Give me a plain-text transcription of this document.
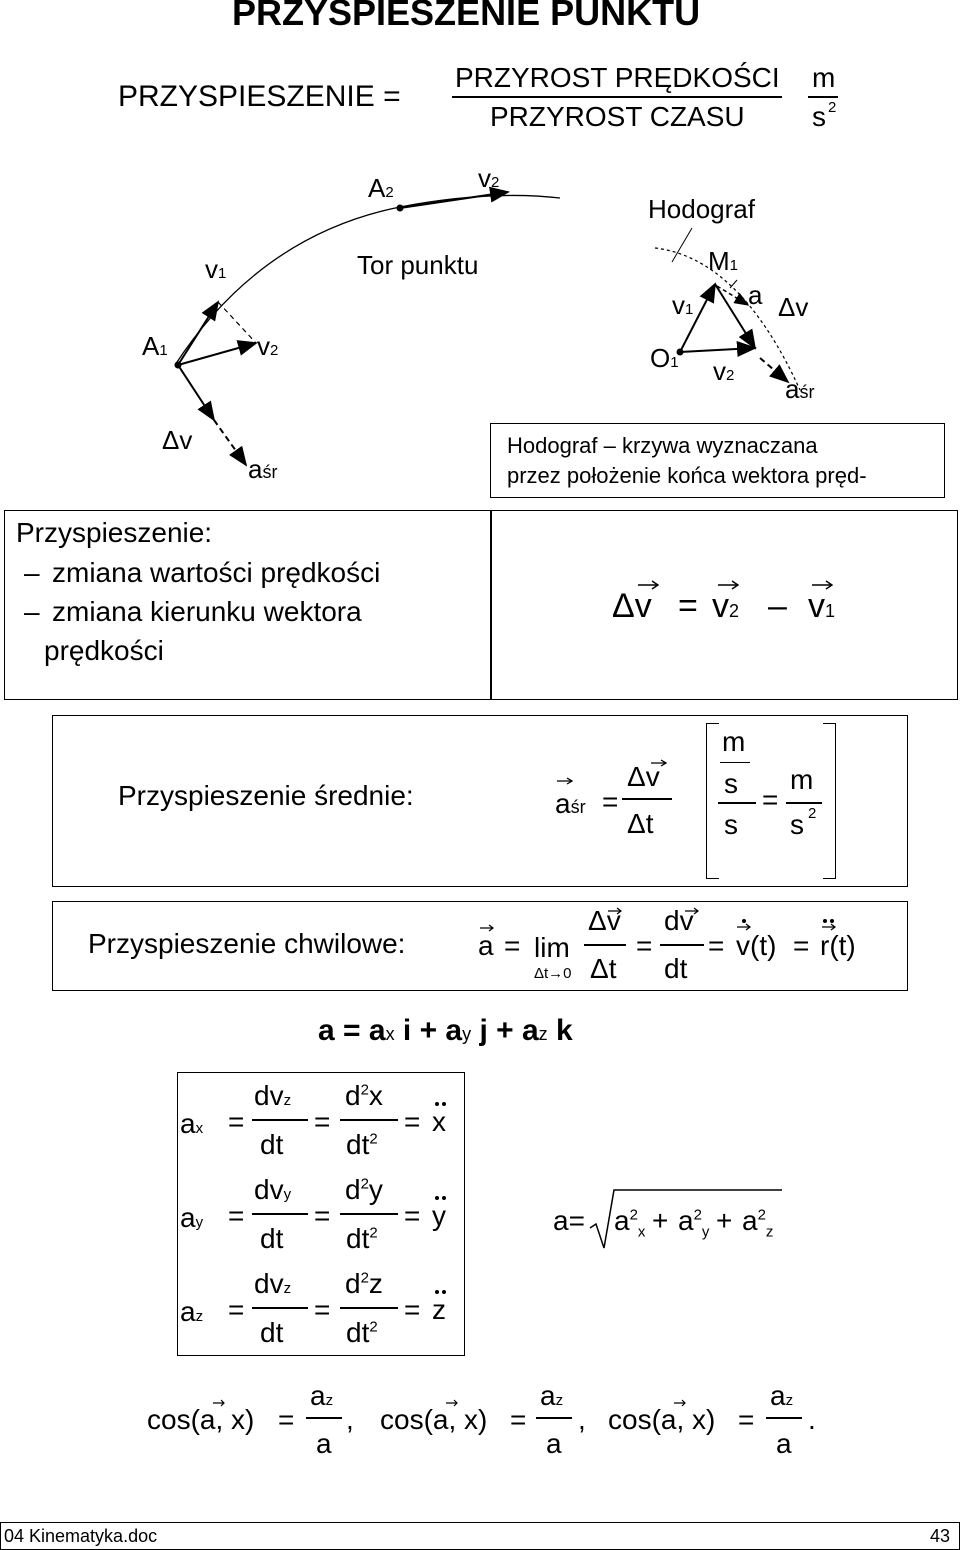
PRZYSPIESZENIE PUNKTU
PRZYSPIESZENIE =
PRZYROST PRĘDKOŚCI
PRZYROST CZASU
m
s 2
A1
A2
v1
v2
v2
Tor punktu
Δv
aśr
Hodograf
M1
O1
v1
v2
a Δv
aśr
Hodograf – krzywa wyznaczana
przez położenie końca wektora pręd-
Przyspieszenie:
– zmiana wartości prędkości
– zmiana kierunku wektora
prędkości
Δv = v2 – v1
Przyspieszenie średnie:	aśr =
Δv
Δt
m
s
s
=
m
s 2
Przyspieszenie chwilowe:	a = lim
Δt→0
Δv
Δt
=
dv
dt
= v(t) = r(t)
a = ax i + ay j + az k
ax =
dvz
dt
=
$d^2x$
$dt^2$
= x
ay =
dvy
dt
=
$d^2y$
$dt^2$
= y
az =
dvz
dt
=
$d^2z$
$dt^2$
= z
$a= a^2_x + a^2_y + a^2_z$
cos(a, x) =
az
a
, cos(a, x) =
az
a
, cos(a, x) =
az
a
.
04 Kinematyka.doc	43
